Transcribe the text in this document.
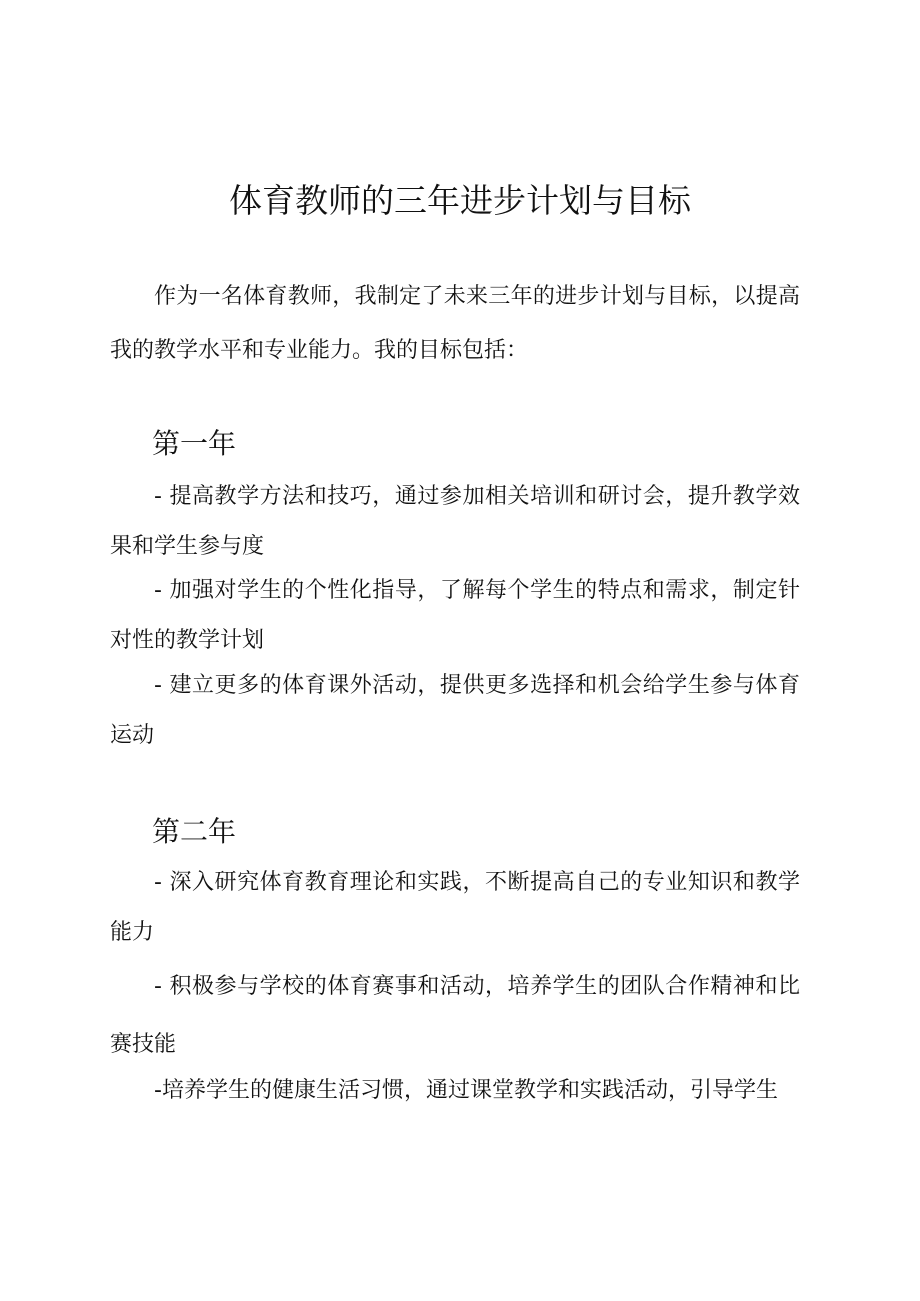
体育教师的三年进步计划与目标

作为一名体育教师，我制定了未来三年的进步计划与目标，以提高我的教学水平和专业能力。我的目标包括：

第一年

- 提高教学方法和技巧，通过参加相关培训和研讨会，提升教学效果和学生参与度

- 加强对学生的个性化指导，了解每个学生的特点和需求，制定针对性的教学计划

- 建立更多的体育课外活动，提供更多选择和机会给学生参与体育运动

第二年

- 深入研究体育教育理论和实践，不断提高自己的专业知识和教学能力

- 积极参与学校的体育赛事和活动，培养学生的团队合作精神和比赛技能

-培养学生的健康生活习惯，通过课堂教学和实践活动，引导学生
